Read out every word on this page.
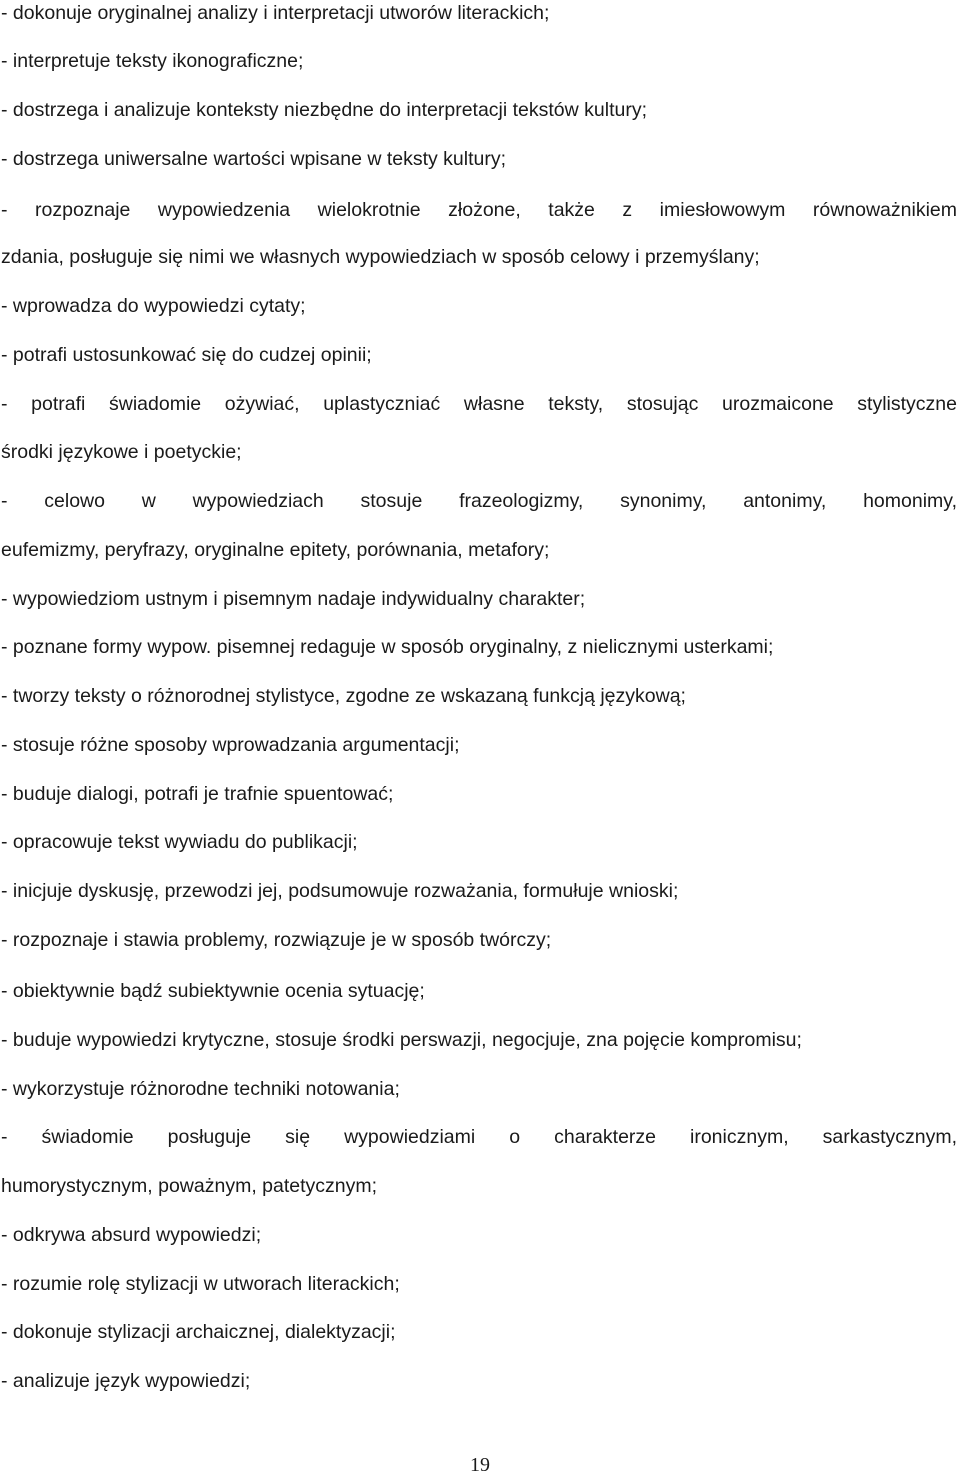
- dokonuje oryginalnej analizy i interpretacji utworów literackich;
- interpretuje teksty ikonograficzne;
- dostrzega i analizuje konteksty niezbędne do interpretacji tekstów kultury;
- dostrzega uniwersalne wartości wpisane w teksty kultury;
- rozpoznaje wypowiedzenia wielokrotnie złożone, także z imiesłowowym równoważnikiem
zdania, posługuje się nimi we własnych wypowiedziach w sposób celowy i przemyślany;
- wprowadza do wypowiedzi cytaty;
- potrafi ustosunkować się do cudzej opinii;
- potrafi świadomie ożywiać, uplastyczniać własne teksty, stosując urozmaicone stylistyczne
środki językowe i poetyckie;
- celowo w wypowiedziach stosuje frazeologizmy, synonimy, antonimy, homonimy,
eufemizmy, peryfrazy, oryginalne epitety, porównania, metafory;
- wypowiedziom ustnym i pisemnym nadaje indywidualny charakter;
- poznane formy wypow. pisemnej redaguje w sposób oryginalny, z nielicznymi usterkami;
- tworzy teksty o różnorodnej stylistyce, zgodne ze wskazaną funkcją językową;
- stosuje różne sposoby wprowadzania argumentacji;
- buduje dialogi, potrafi je trafnie spuentować;
- opracowuje tekst wywiadu do publikacji;
- inicjuje dyskusję, przewodzi jej, podsumowuje rozważania, formułuje wnioski;
- rozpoznaje i stawia problemy, rozwiązuje je w sposób twórczy;
- obiektywnie bądź subiektywnie ocenia sytuację;
- buduje wypowiedzi krytyczne, stosuje środki perswazji, negocjuje, zna pojęcie kompromisu;
- wykorzystuje różnorodne techniki notowania;
- świadomie posługuje się wypowiedziami o charakterze ironicznym, sarkastycznym,
humorystycznym, poważnym, patetycznym;
- odkrywa absurd wypowiedzi;
- rozumie rolę stylizacji w utworach literackich;
- dokonuje stylizacji archaicznej, dialektyzacji;
- analizuje język wypowiedzi;
19
